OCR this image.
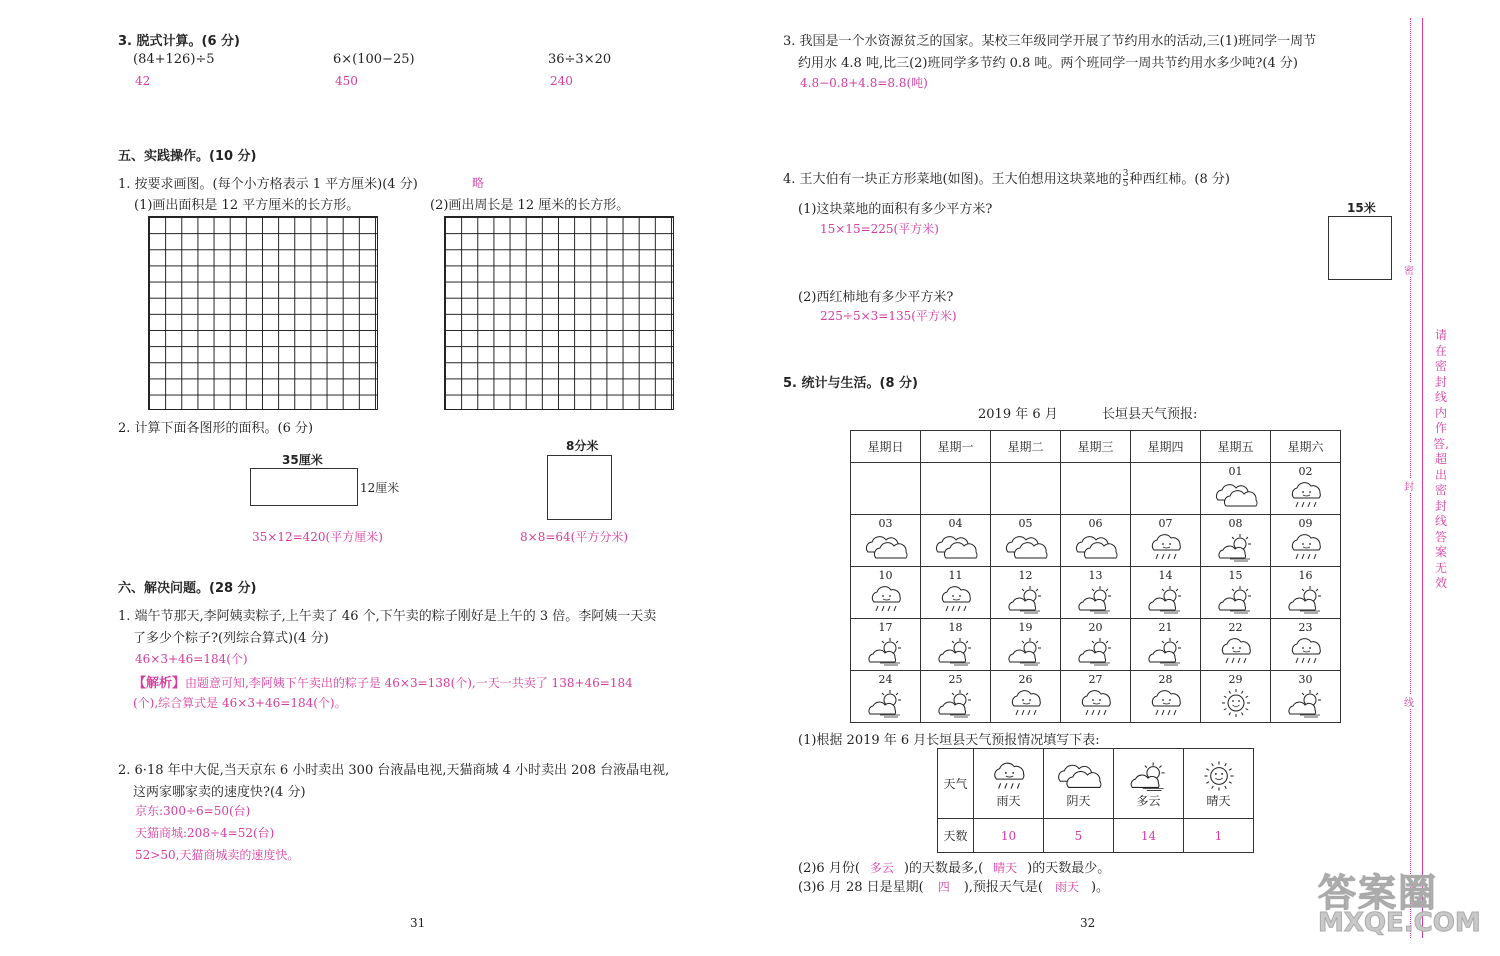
3. 脱式计算。(6 分)
(84+126)÷5	6×(100−25)	36÷3×20
42	450	240
五、实践操作。(10 分)
1. 按要求画图。(每个小方格表示 1 平方厘米)(4 分)	略
(1)画出面积是 12 平方厘米的长方形。	(2)画出周长是 12 厘米的长方形。
2. 计算下面各图形的面积。(6 分)
35厘米
12厘米
8分米
35×12=420(平方厘米)	8×8=64(平方分米)
六、解决问题。(28 分)
1. 端午节那天,李阿姨卖粽子,上午卖了 46 个,下午卖的粽子刚好是上午的 3 倍。李阿姨一天卖
了多少个粽子?(列综合算式)(4 分)
46×3+46=184(个)
【解析】由题意可知,李阿姨下午卖出的粽子是 46×3=138(个),一天一共卖了 138+46=184
(个),综合算式是 46×3+46=184(个)。
2. 6·18 年中大促,当天京东 6 小时卖出 300 台液晶电视,天猫商城 4 小时卖出 208 台液晶电视,
这两家哪家卖的速度快?(4 分)
京东:300÷6=50(台)
天猫商城:208÷4=52(台)
52>50,天猫商城卖的速度快。
31
3. 我国是一个水资源贫乏的国家。某校三年级同学开展了节约用水的活动,三(1)班同学一周节
约用水 4.8 吨,比三(2)班同学多节约 0.8 吨。两个班同学一周共节约用水多少吨?(4 分)
4.8−0.8+4.8=8.8(吨)
4. 王大伯有一块正方形菜地(如图)。王大伯想用这块菜地的 $\frac{3}{5}$ 种西红柿。(8 分)
15米
(1)这块菜地的面积有多少平方米?
15×15=225(平方米)
(2)西红柿地有多少平方米?
225÷5×3=135(平方米)
5. 统计与生活。(8 分)
2019 年 6 月	长垣县天气预报:
星期日	星期一	星期二	星期三	星期四	星期五	星期六

					01	02

03	04	05	06	07	08	09

10	11	12	13	14	15	16

17	18	19	20	21	22	23

24	25	26	27	28	29	30
(1)根据 2019 年 6 月长垣县天气预报情况填写下表:
天气	雨天	阴天	多云	晴天

天数	10	5	14	1
(2)6 月份( 多云 )的天数最多,( 晴天 )的天数最少。
(3)6 月 28 日是星期( 四 ),预报天气是( 雨天 )。
32
密
封
线
请在密封线内作答,超出密封线答案无效
答案圈
MXQE.COM
